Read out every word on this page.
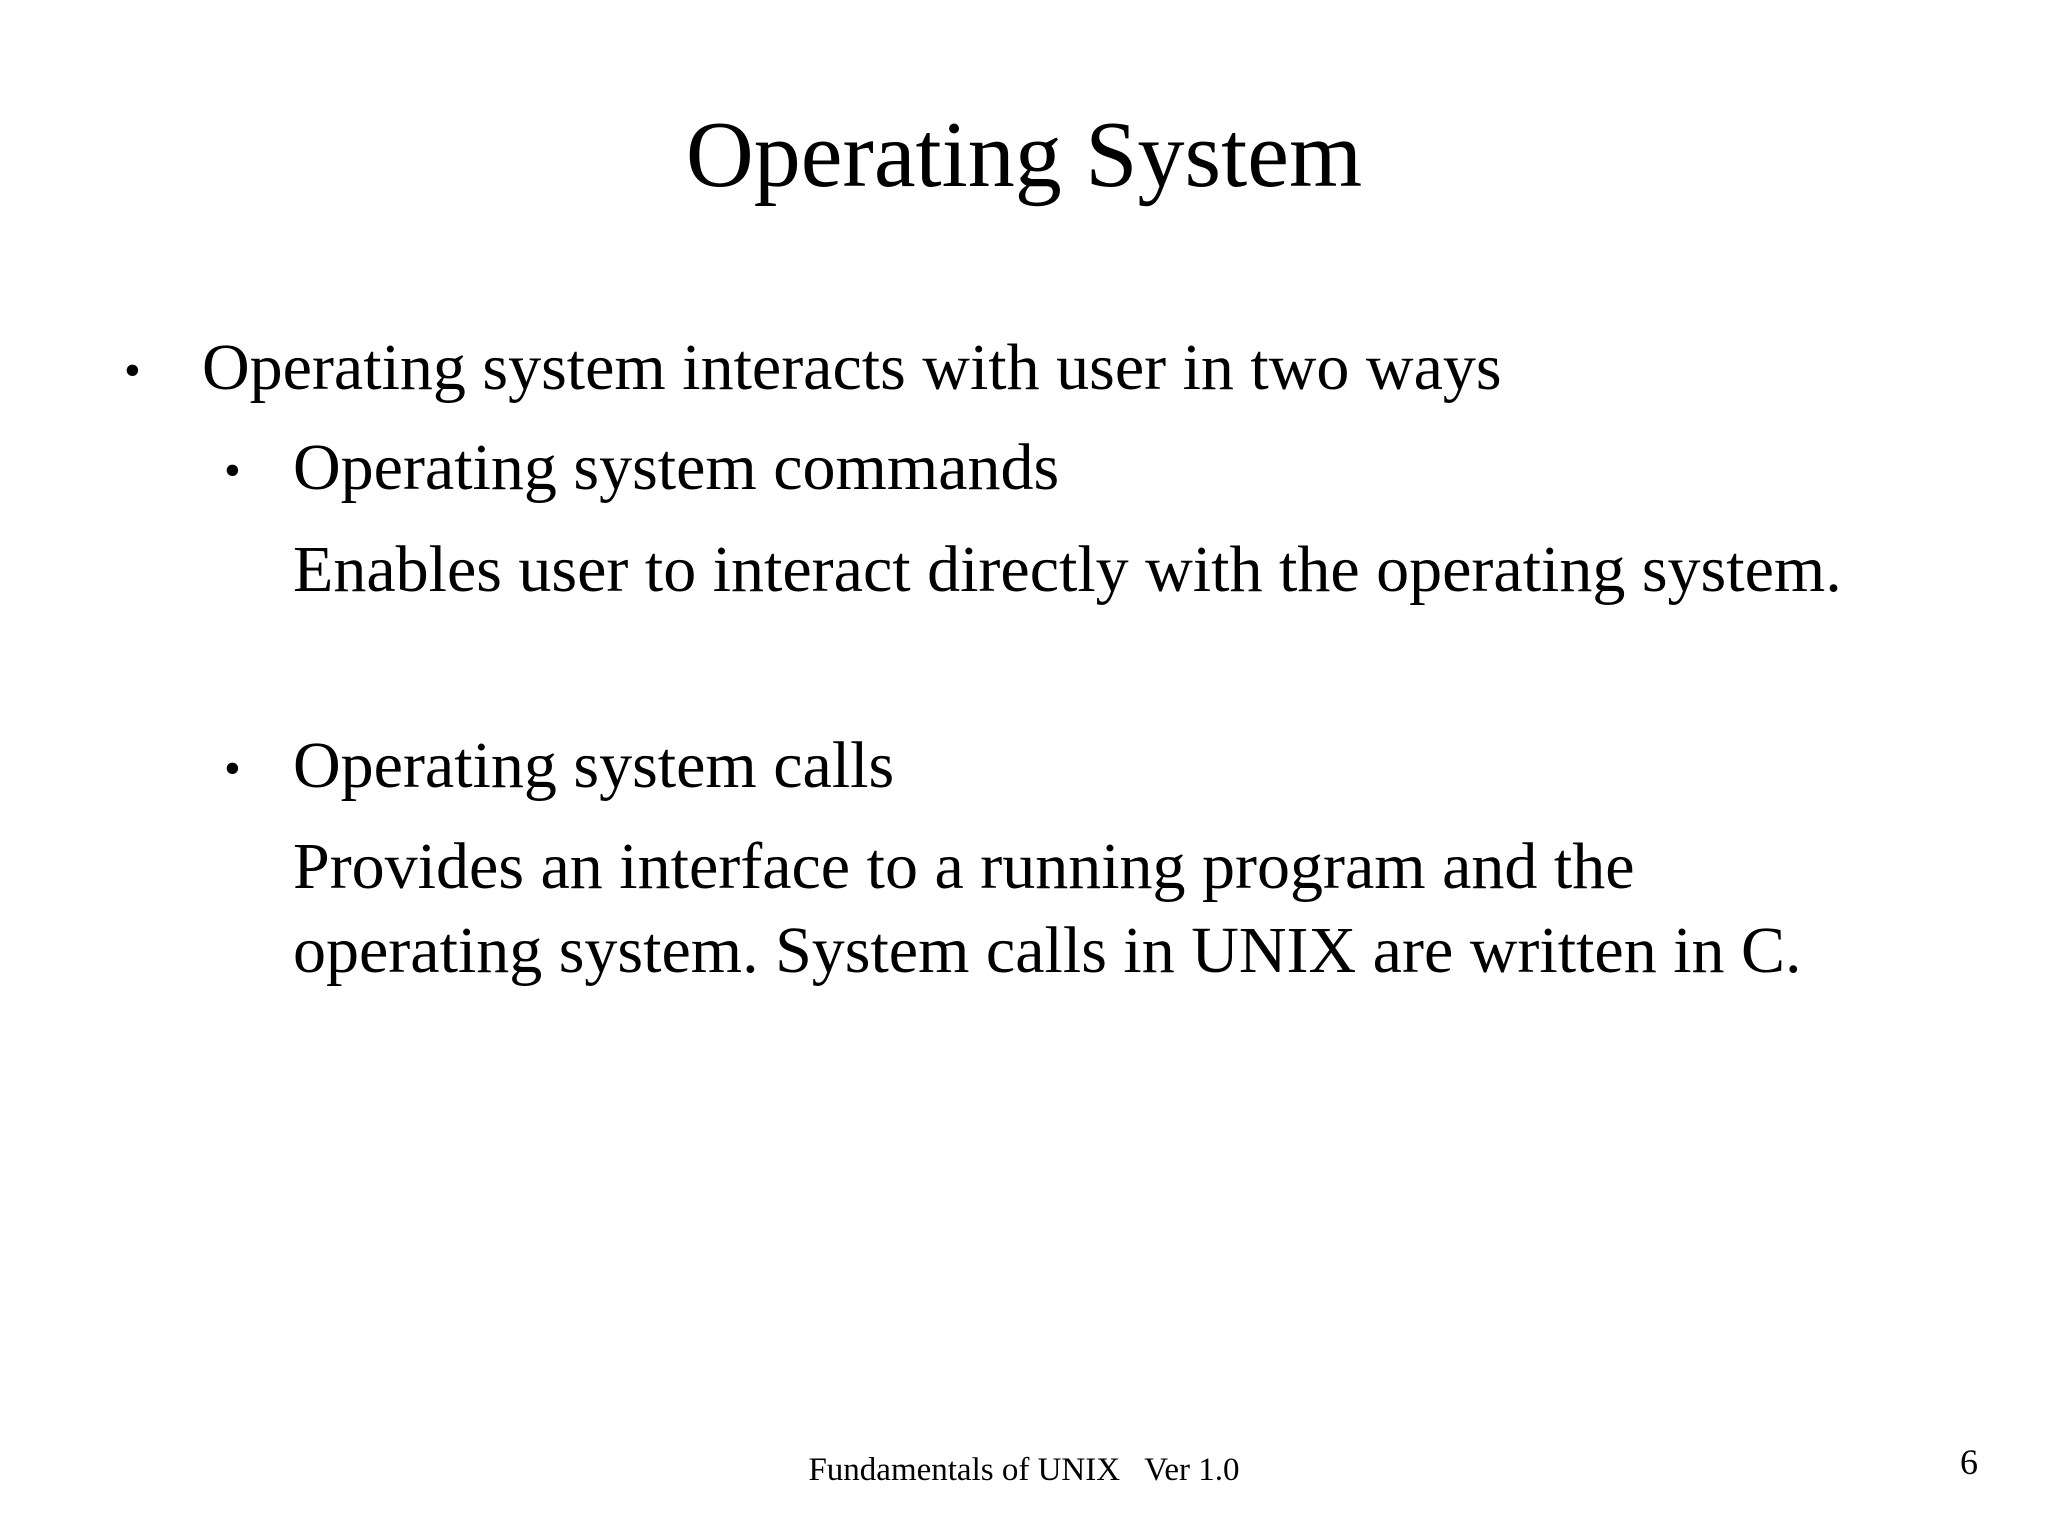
Operating System
• Operating system interacts with user in two ways
• Operating system commands
Enables user to interact directly with the operating system.
• Operating system calls
Provides an interface to a running program and the
operating system. System calls in UNIX are written in C.
Fundamentals of UNIX   Ver 1.0	6
